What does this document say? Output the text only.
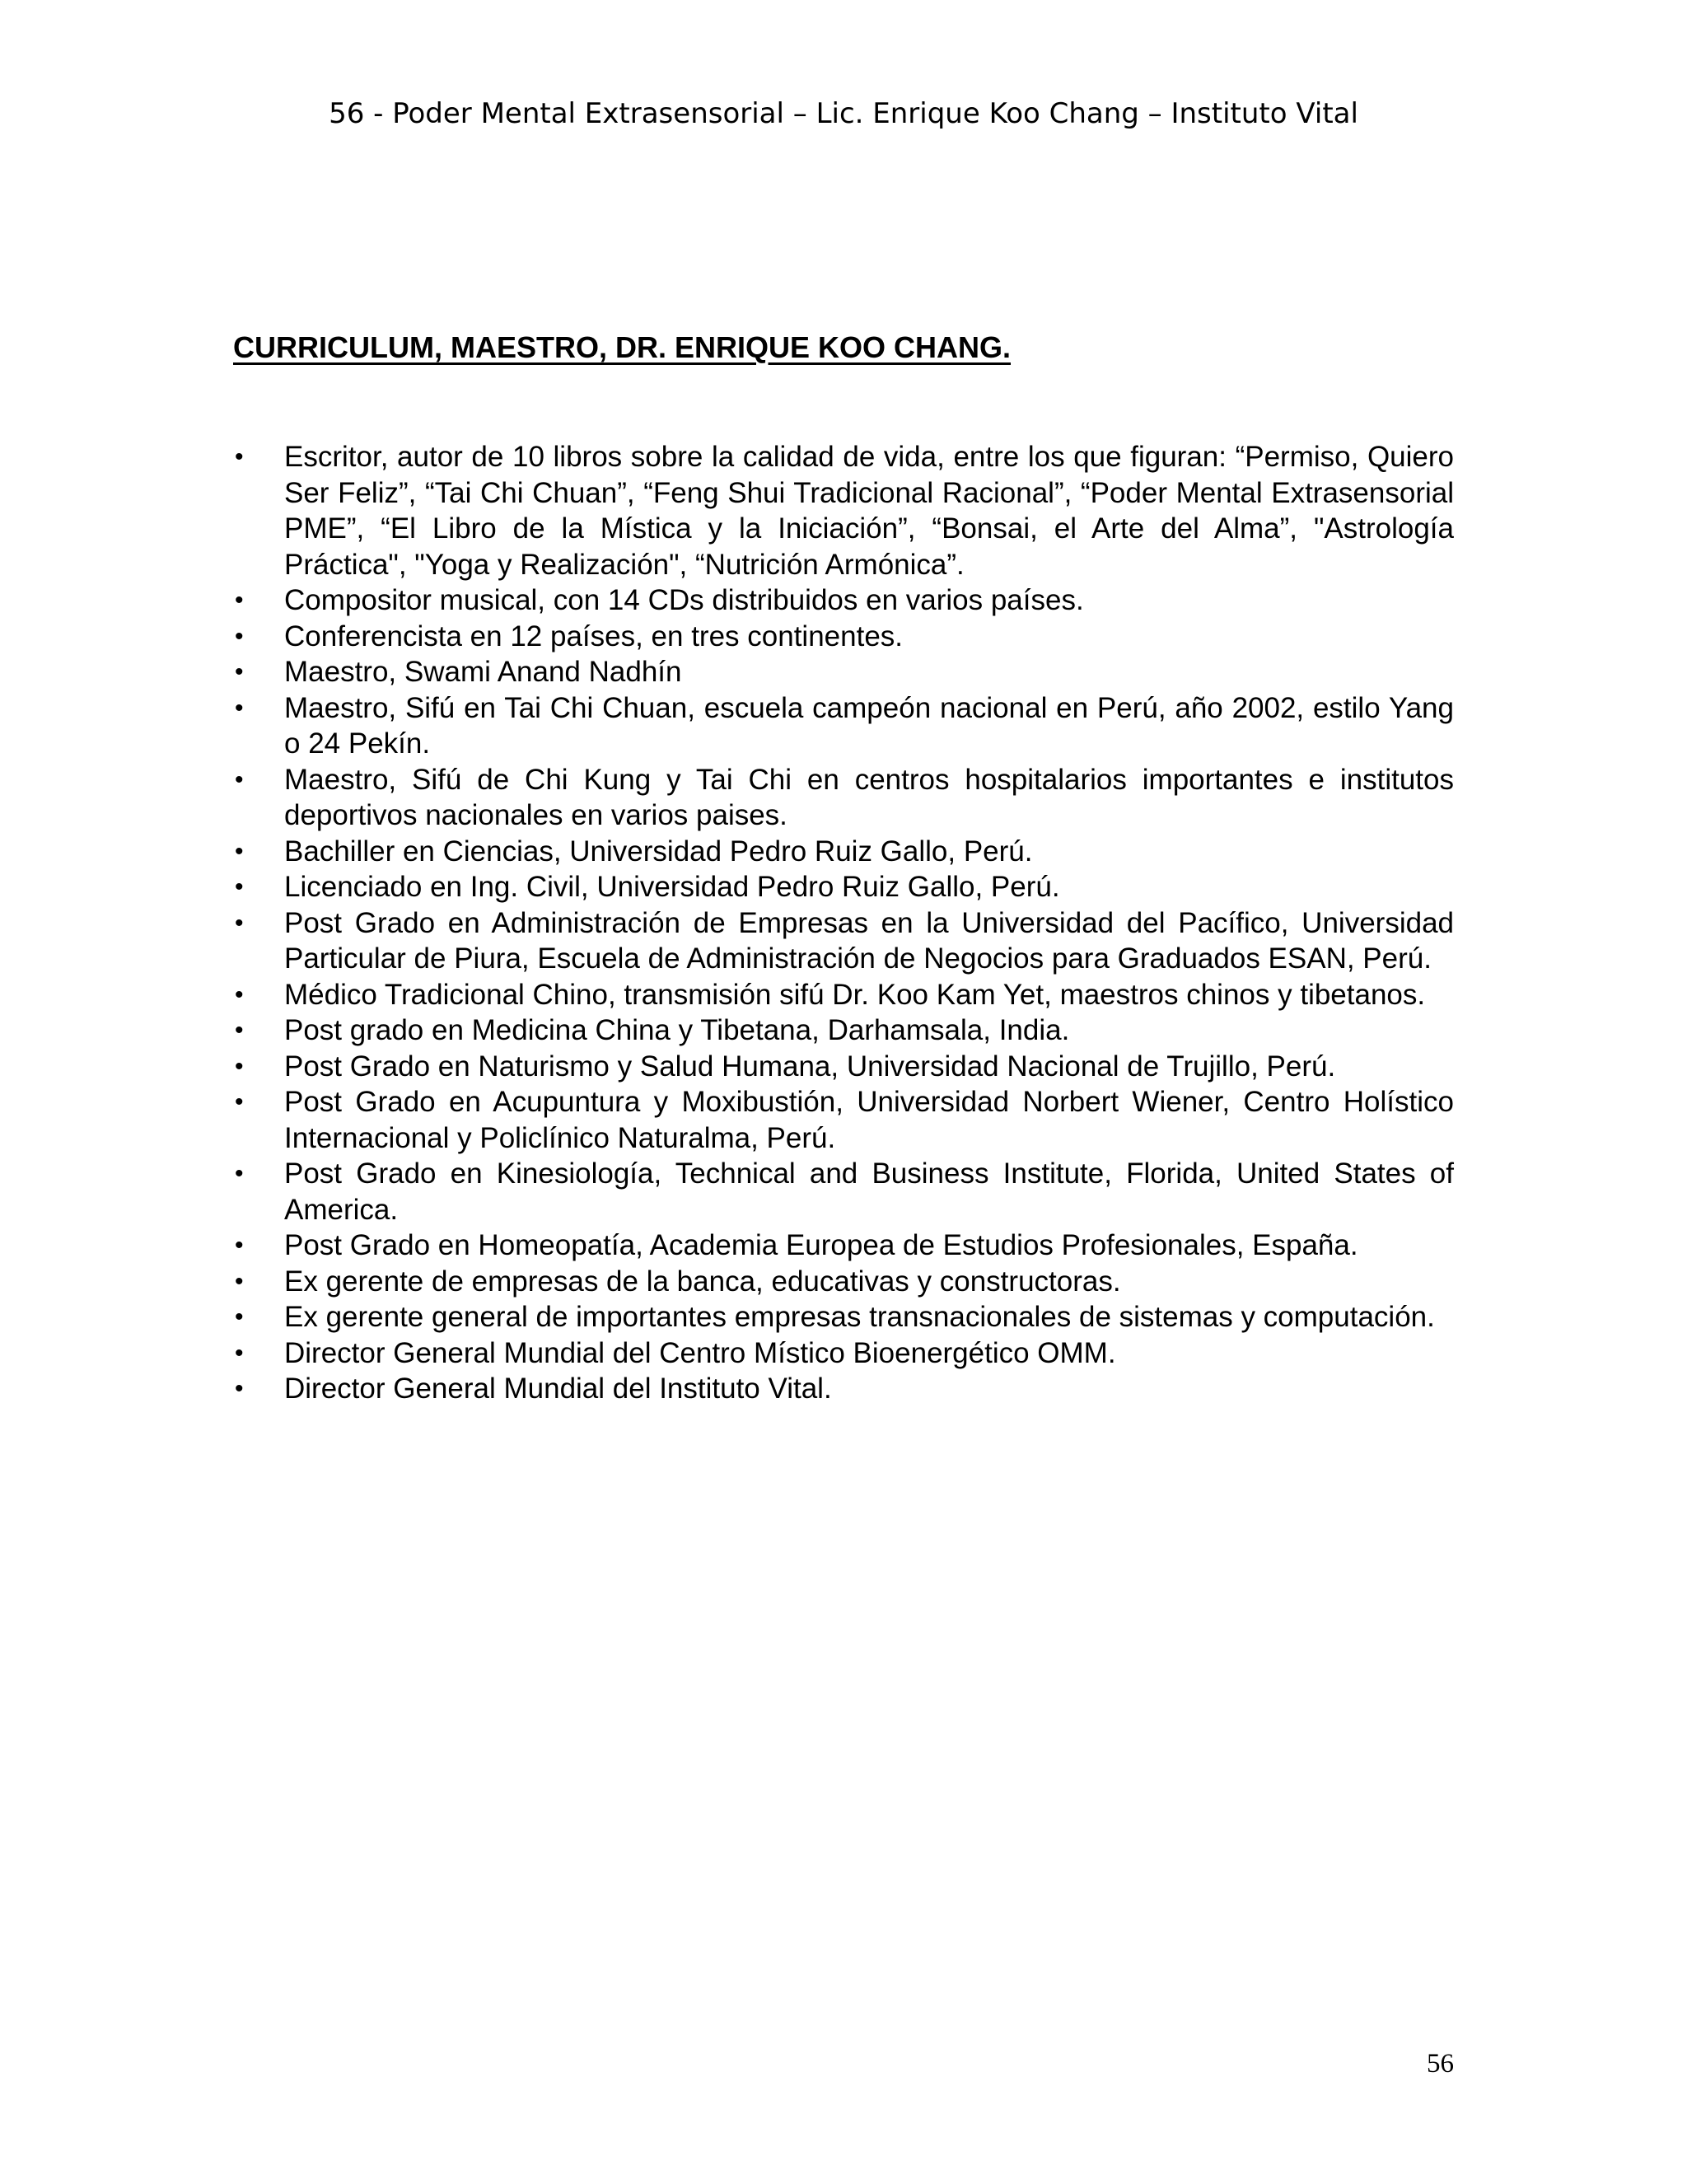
56 - Poder Mental Extrasensorial – Lic. Enrique Koo Chang – Instituto Vital
CURRICULUM, MAESTRO, DR. ENRIQUE KOO CHANG.
• Escritor, autor de 10 libros sobre la calidad de vida, entre los que figuran: “Permiso, Quiero Ser Feliz”, “Tai Chi Chuan”, “Feng Shui Tradicional Racional”, “Poder Mental Extrasensorial PME”, “El Libro de la Mística y la Iniciación”, “Bonsai, el Arte del Alma”, "Astrología Práctica", "Yoga y Realización", “Nutrición Armónica”.
• Compositor musical, con 14 CDs distribuidos en varios países.
• Conferencista en 12 países, en tres continentes.
• Maestro, Swami Anand Nadhín
• Maestro, Sifú en Tai Chi Chuan, escuela campeón nacional en Perú, año 2002, estilo Yang o 24 Pekín.
• Maestro, Sifú de Chi Kung y Tai Chi en centros hospitalarios importantes e institutos deportivos nacionales en varios paises.
• Bachiller en Ciencias, Universidad Pedro Ruiz Gallo, Perú.
• Licenciado en Ing. Civil, Universidad Pedro Ruiz Gallo, Perú.
• Post Grado en Administración de Empresas en la Universidad del Pacífico, Universidad Particular de Piura, Escuela de Administración de Negocios para Graduados ESAN, Perú.
• Médico Tradicional Chino, transmisión sifú Dr. Koo Kam Yet, maestros chinos y tibetanos.
• Post grado en Medicina China y Tibetana, Darhamsala, India.
• Post Grado en Naturismo y Salud Humana, Universidad Nacional de Trujillo, Perú.
• Post Grado en Acupuntura y Moxibustión, Universidad Norbert Wiener, Centro Holístico Internacional y Policlínico Naturalma, Perú.
• Post Grado en Kinesiología, Technical and Business Institute, Florida, United States of America.
• Post Grado en Homeopatía, Academia Europea de Estudios Profesionales, España.
• Ex gerente de empresas de la banca, educativas y constructoras.
• Ex gerente general de importantes empresas transnacionales de sistemas y computación.
• Director General Mundial del Centro Místico Bioenergético OMM.
• Director General Mundial del Instituto Vital.
56
